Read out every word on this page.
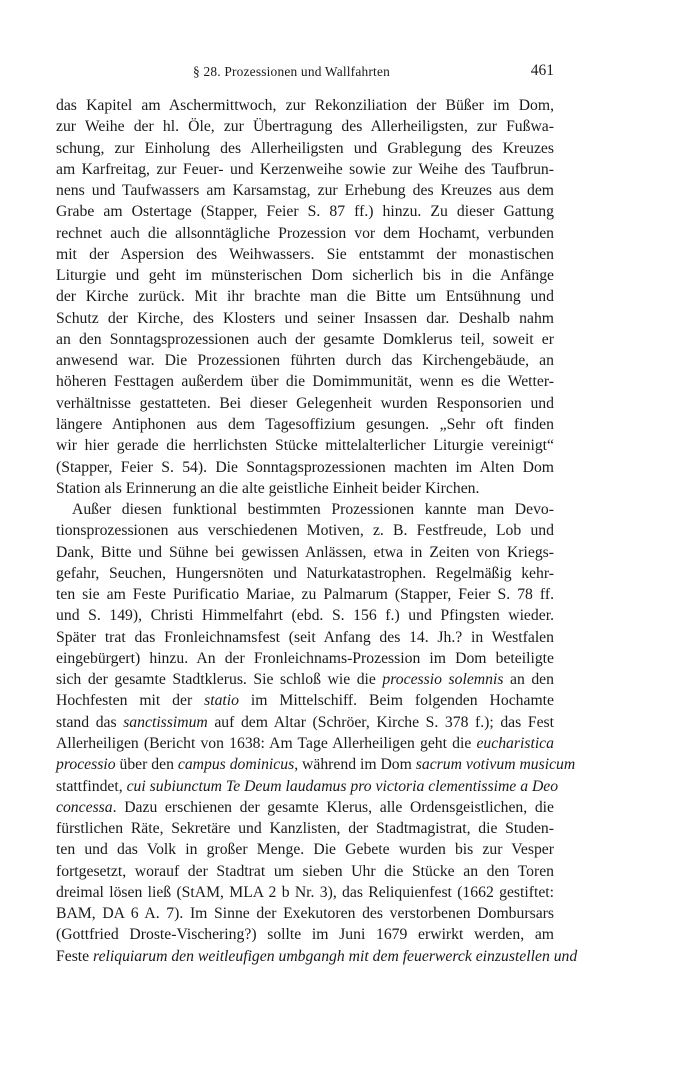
§ 28. Prozessionen und Wallfahrten	461
das Kapitel am Aschermittwoch, zur Rekonziliation der Büßer im Dom,
zur Weihe der hl. Öle, zur Übertragung des Allerheiligsten, zur Fußwa-
schung, zur Einholung des Allerheiligsten und Grablegung des Kreuzes
am Karfreitag, zur Feuer- und Kerzenweihe sowie zur Weihe des Taufbrun-
nens und Taufwassers am Karsamstag, zur Erhebung des Kreuzes aus dem
Grabe am Ostertage (Stapper, Feier S. 87 ff.) hinzu. Zu dieser Gattung
rechnet auch die allsonntägliche Prozession vor dem Hochamt, verbunden
mit der Aspersion des Weihwassers. Sie entstammt der monastischen
Liturgie und geht im münsterischen Dom sicherlich bis in die Anfänge
der Kirche zurück. Mit ihr brachte man die Bitte um Entsühnung und
Schutz der Kirche, des Klosters und seiner Insassen dar. Deshalb nahm
an den Sonntagsprozessionen auch der gesamte Domklerus teil, soweit er
anwesend war. Die Prozessionen führten durch das Kirchengebäude, an
höheren Festtagen außerdem über die Domimmunität, wenn es die Wetter-
verhältnisse gestatteten. Bei dieser Gelegenheit wurden Responsorien und
längere Antiphonen aus dem Tagesoffizium gesungen. „Sehr oft finden
wir hier gerade die herrlichsten Stücke mittelalterlicher Liturgie vereinigt“
(Stapper, Feier S. 54). Die Sonntagsprozessionen machten im Alten Dom
Station als Erinnerung an die alte geistliche Einheit beider Kirchen.
Außer diesen funktional bestimmten Prozessionen kannte man Devo-
tionsprozessionen aus verschiedenen Motiven, z. B. Festfreude, Lob und
Dank, Bitte und Sühne bei gewissen Anlässen, etwa in Zeiten von Kriegs-
gefahr, Seuchen, Hungersnöten und Naturkatastrophen. Regelmäßig kehr-
ten sie am Feste Purificatio Mariae, zu Palmarum (Stapper, Feier S. 78 ff.
und S. 149), Christi Himmelfahrt (ebd. S. 156 f.) und Pfingsten wieder.
Später trat das Fronleichnamsfest (seit Anfang des 14. Jh.? in Westfalen
eingebürgert) hinzu. An der Fronleichnams-Prozession im Dom beteiligte
sich der gesamte Stadtklerus. Sie schloß wie die processio solemnis an den
Hochfesten mit der statio im Mittelschiff. Beim folgenden Hochamte
stand das sanctissimum auf dem Altar (Schröer, Kirche S. 378 f.); das Fest
Allerheiligen (Bericht von 1638: Am Tage Allerheiligen geht die eucharistica
processio über den campus dominicus, während im Dom sacrum votivum musicum
stattfindet, cui subiunctum Te Deum laudamus pro victoria clementissime a Deo
concessa. Dazu erschienen der gesamte Klerus, alle Ordensgeistlichen, die
fürstlichen Räte, Sekretäre und Kanzlisten, der Stadtmagistrat, die Studen-
ten und das Volk in großer Menge. Die Gebete wurden bis zur Vesper
fortgesetzt, worauf der Stadtrat um sieben Uhr die Stücke an den Toren
dreimal lösen ließ (StAM, MLA 2 b Nr. 3), das Reliquienfest (1662 gestiftet:
BAM, DA 6 A. 7). Im Sinne der Exekutoren des verstorbenen Dombursars
(Gottfried Droste-Vischering?) sollte im Juni 1679 erwirkt werden, am
Feste reliquiarum den weitleufigen umbgangh mit dem feuerwerck einzustellen und
